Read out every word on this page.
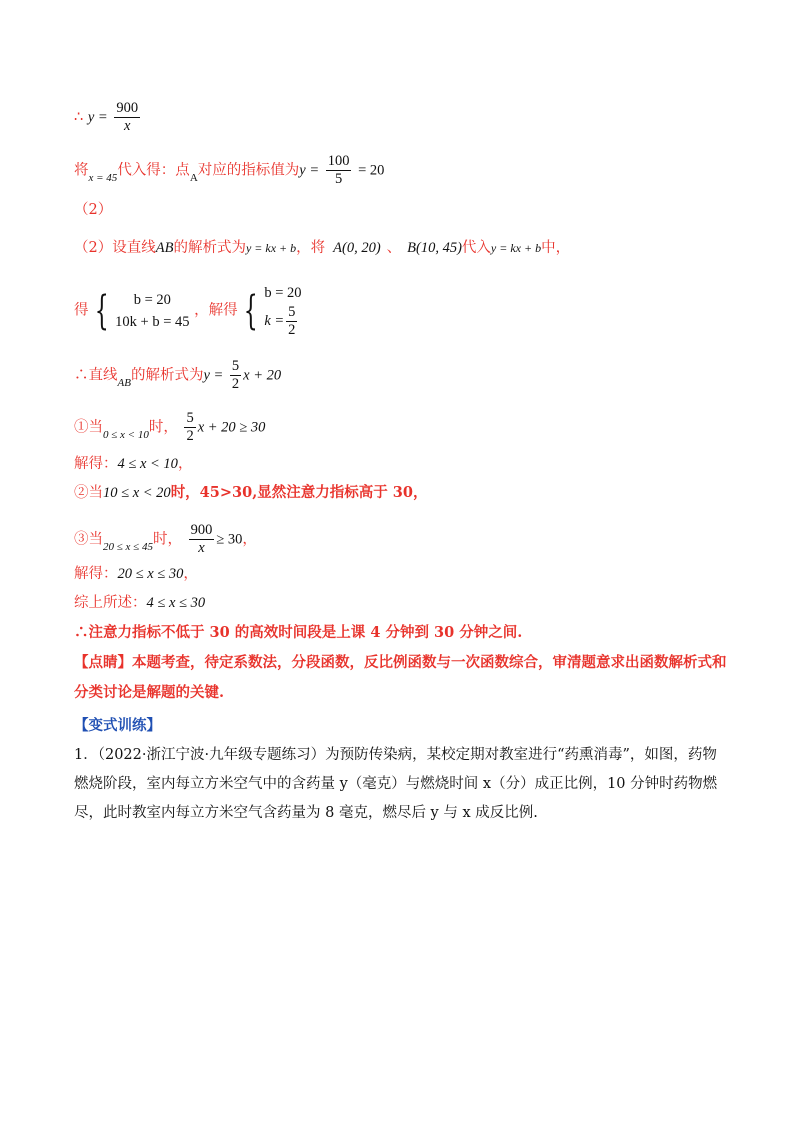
∴ $y = \frac{900}{x}$
将$_{x = 45}$代入得：点$_A$对应的指标值为$y = \frac{100}{5} = 20$
（2）
（2）设直线AB的解析式为y = kx + b，将 A(0, 20) 、 B(10, 45)代入y = kx + b中，
得 {	b = 20
10k + b = 45
，解得 { b = 20
$k = \frac{5}{2}$
∴直线$_{AB}$的解析式为$y = \frac{5}{2}$ x + 20
①当$_{0 \le x < 10}$时， $\frac{5}{2}$ x + 20 ≥ 30
解得：4 ≤ x < 10，
②当10 ≤ x < 20时，45>30,显然注意力指标高于 30，
③当$_{20 \le x \le 45}$时， $\frac{900}{x} \ge 30$，
解得：20 ≤ x ≤ 30，
综上所述：4 ≤ x ≤ 30
∴注意力指标不低于 30 的高效时间段是上课 4 分钟到 30 分钟之间.
【点睛】本题考查，待定系数法，分段函数，反比例函数与一次函数综合，审清题意求出函数解析式和分类讨论是解题的关键.
【变式训练】
1．（2022·浙江宁波·九年级专题练习）为预防传染病，某校定期对教室进行“药熏消毒”，如图，药物燃烧阶段，室内每立方米空气中的含药量 y（毫克）与燃烧时间 x（分）成正比例，10 分钟时药物燃尽，此时教室内每立方米空气含药量为 8 毫克，燃尽后 y 与 x 成反比例.
